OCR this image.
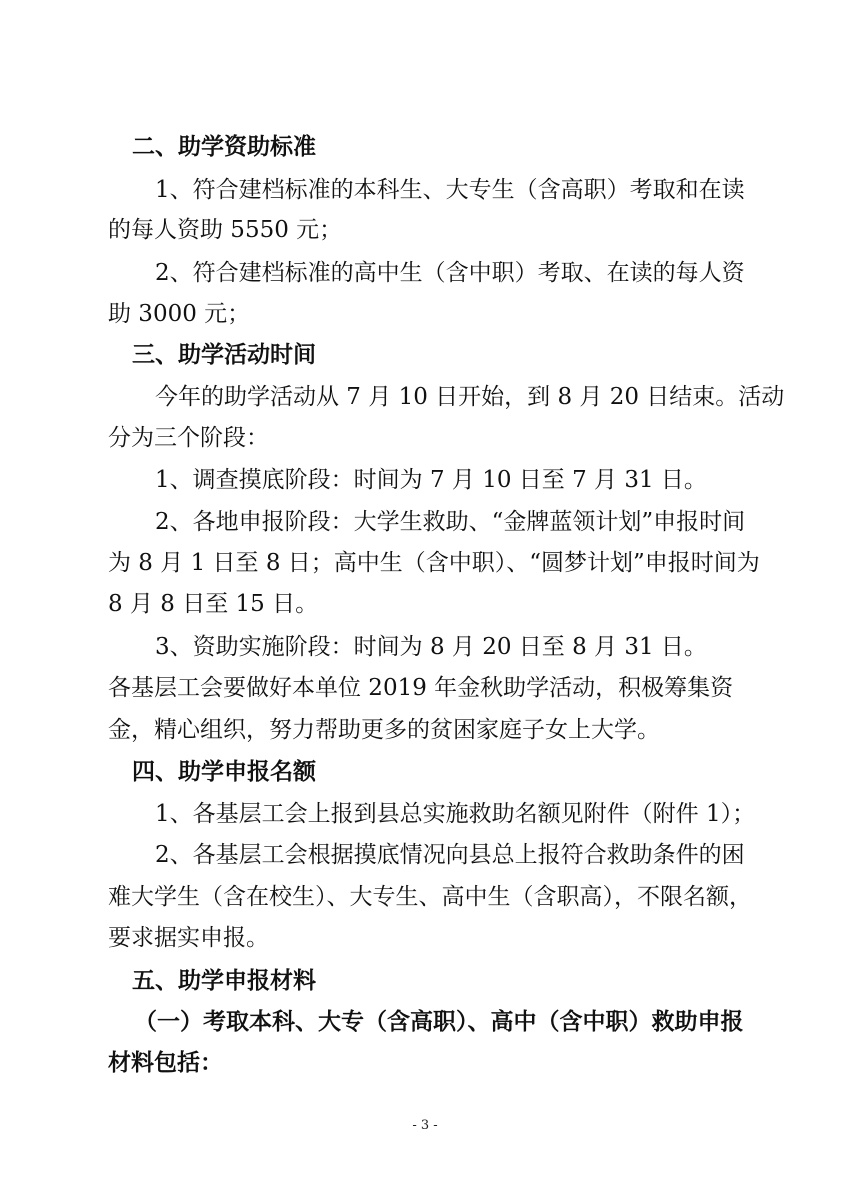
二、助学资助标准
1、符合建档标准的本科生、大专生（含高职）考取和在读
的每人资助 5550 元；
2、符合建档标准的高中生（含中职）考取、在读的每人资
助 3000 元；
三、助学活动时间
今年的助学活动从 7 月 10 日开始，到 8 月 20 日结束。活动
分为三个阶段：
1、调查摸底阶段：时间为 7 月 10 日至 7 月 31 日。
2、各地申报阶段：大学生救助、“金牌蓝领计划”申报时间
为 8 月 1 日至 8 日；高中生（含中职）、“圆梦计划”申报时间为
8 月 8 日至 15 日。
3、资助实施阶段：时间为 8 月 20 日至 8 月 31 日。
各基层工会要做好本单位 2019 年金秋助学活动，积极筹集资
金，精心组织，努力帮助更多的贫困家庭子女上大学。
四、助学申报名额
1、各基层工会上报到县总实施救助名额见附件（附件 1）；
2、各基层工会根据摸底情况向县总上报符合救助条件的困
难大学生（含在校生）、大专生、高中生（含职高），不限名额，
要求据实申报。
五、助学申报材料
（一）考取本科、大专（含高职）、高中（含中职）救助申报
材料包括：
- 3 -
